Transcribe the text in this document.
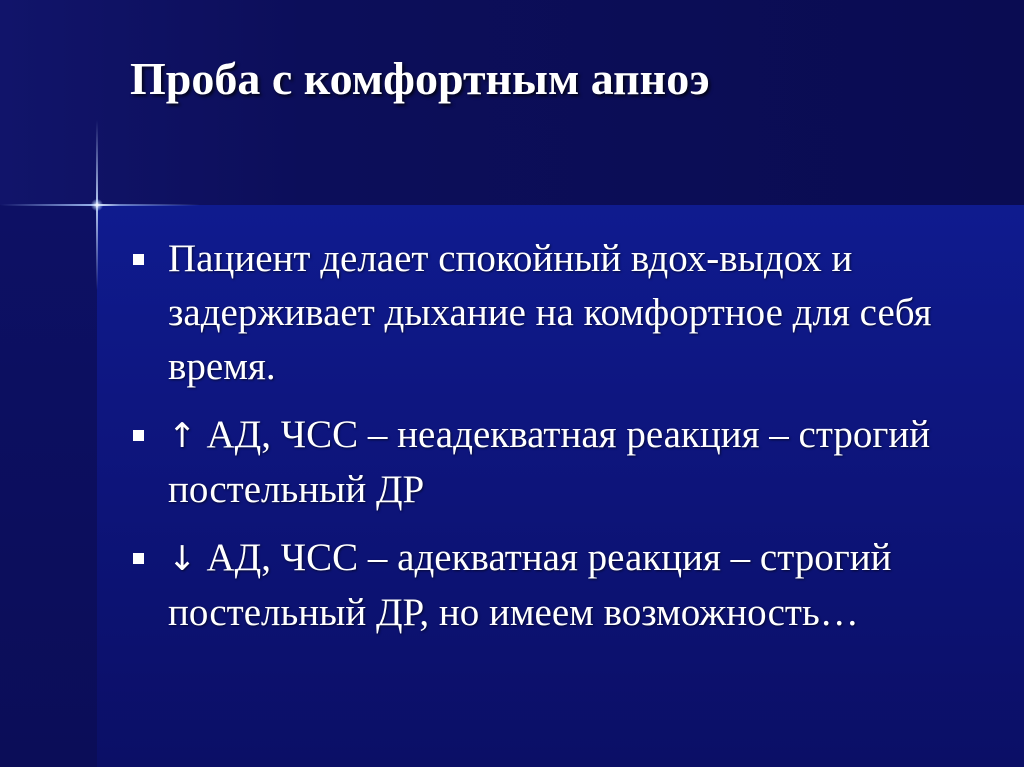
Проба с комфортным апноэ
Пациент делает спокойный вдох-выдох и задерживает дыхание на комфортное для себя время.
↑ АД, ЧСС – неадекватная реакция – строгий постельный ДР
↓ АД, ЧСС – адекватная реакция – строгий постельный ДР, но имеем возможность…
